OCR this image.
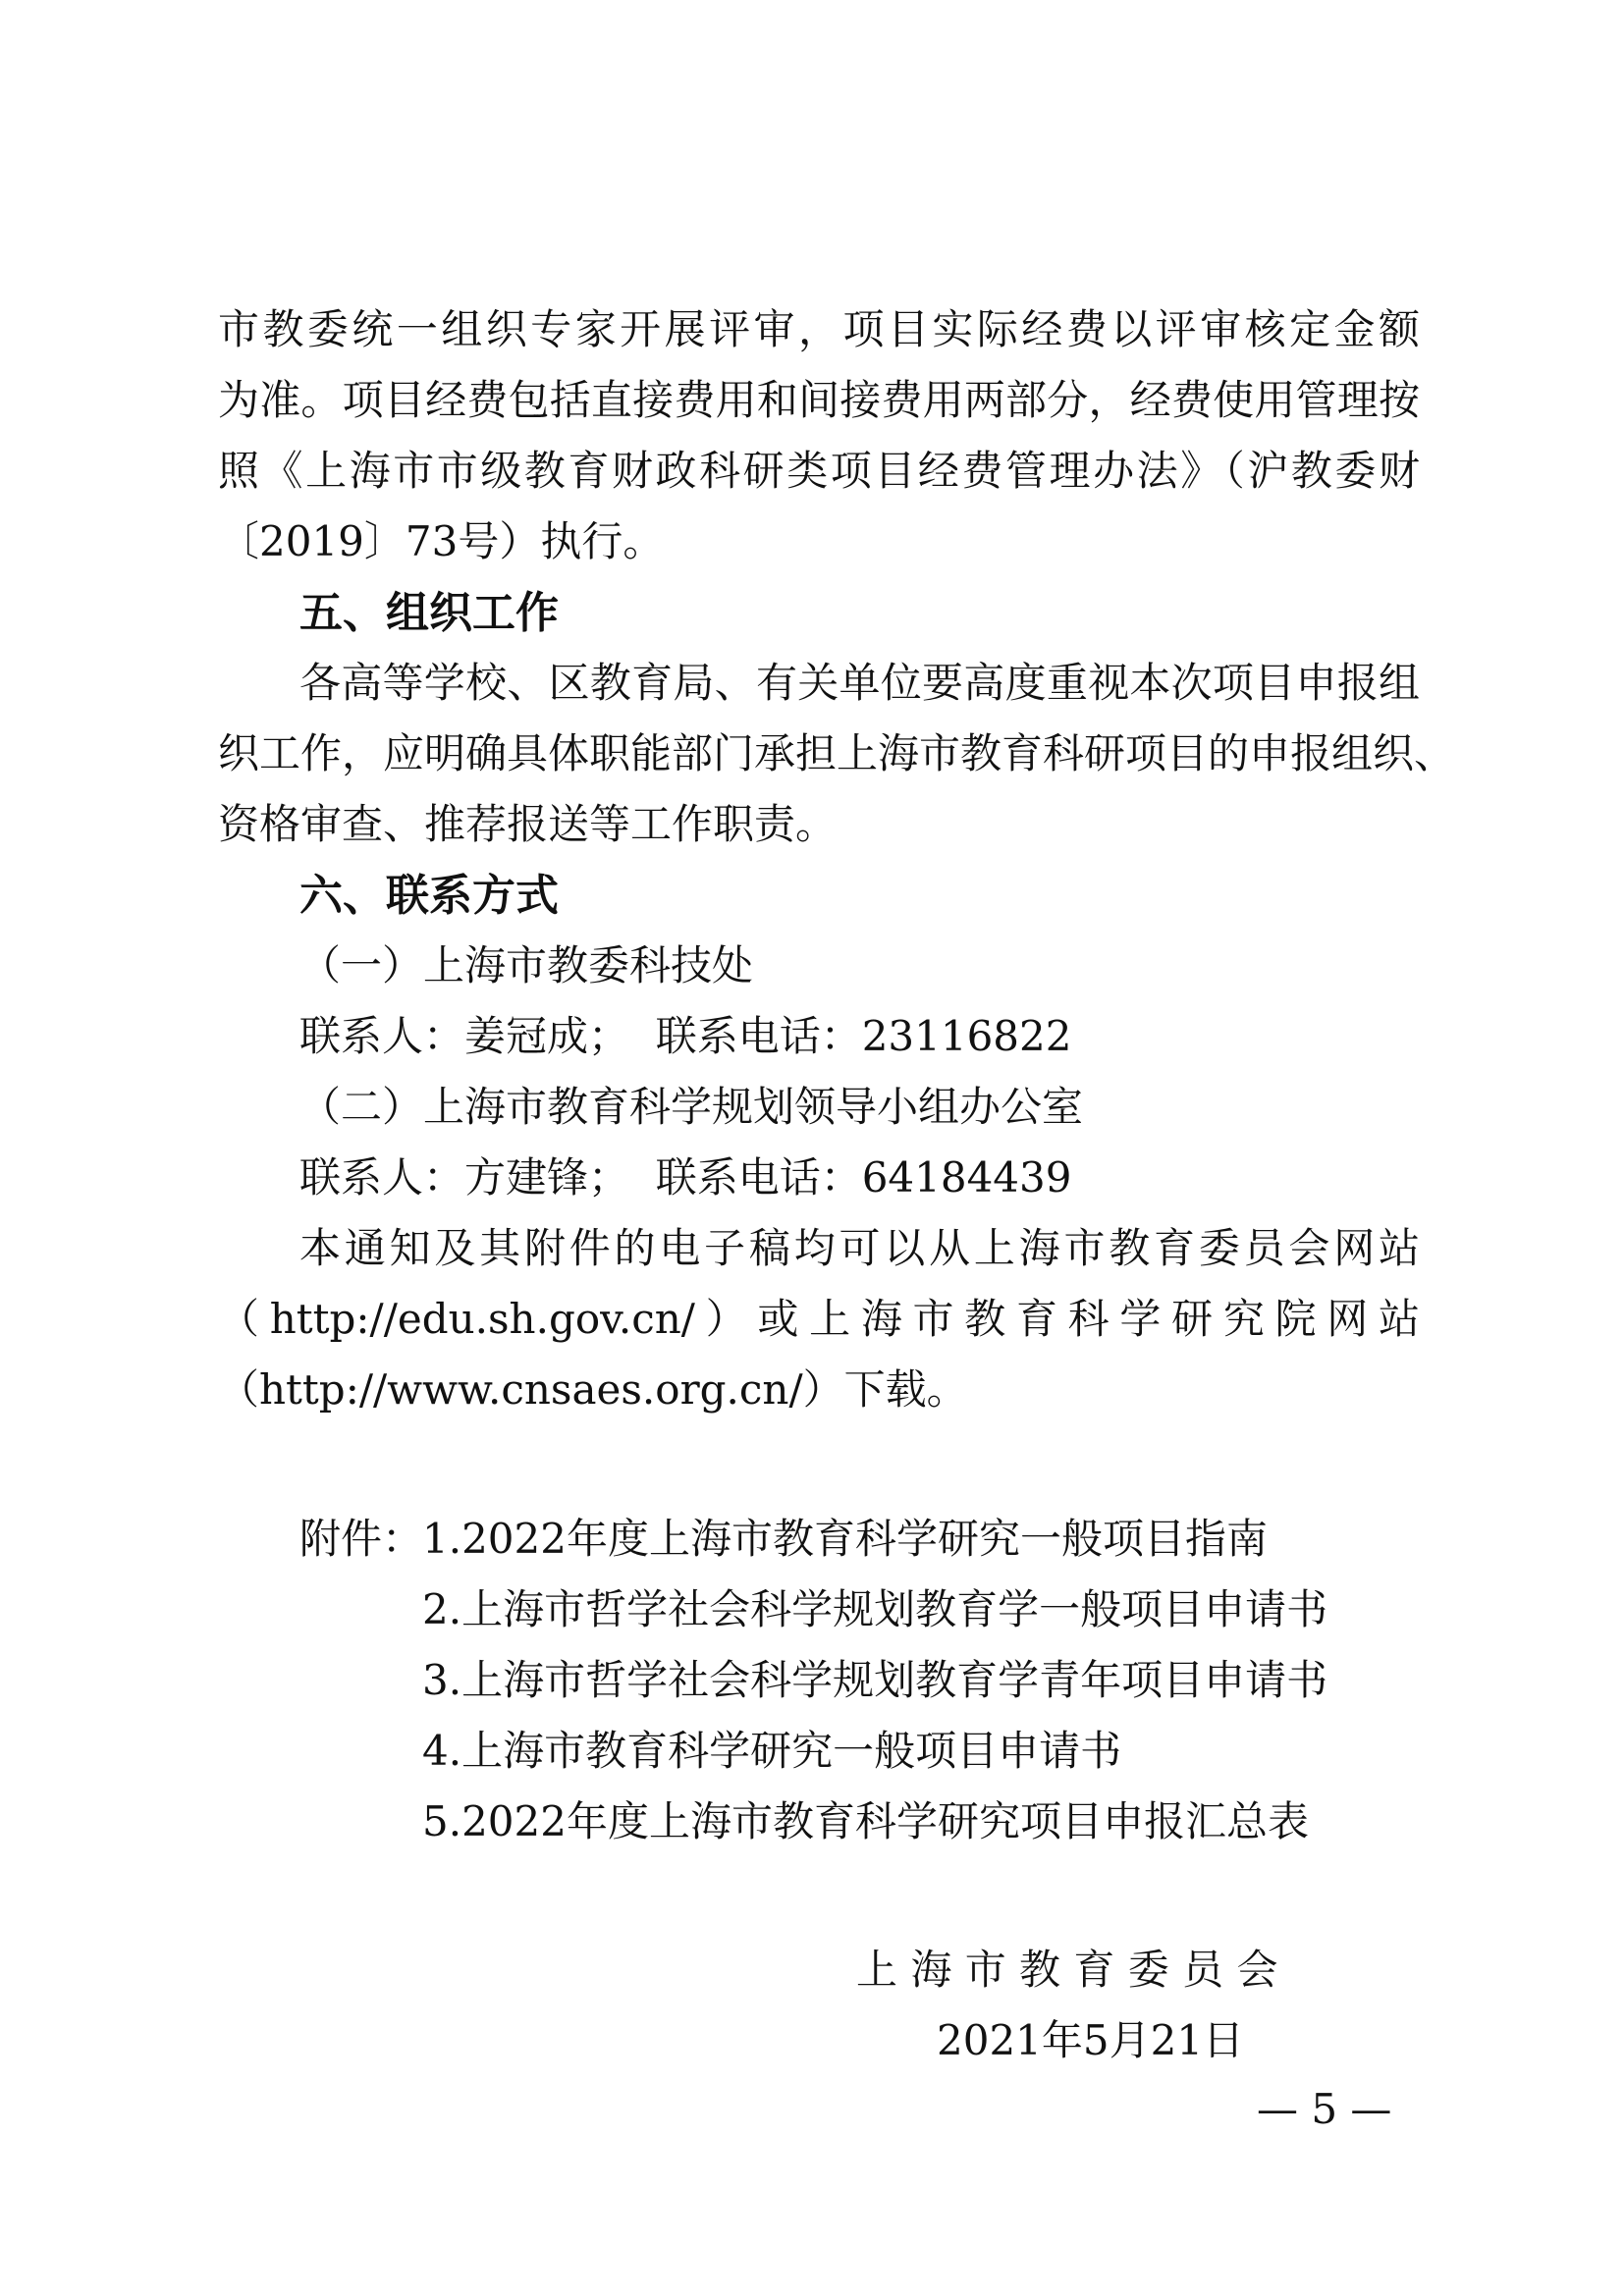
市教委统一组织专家开展评审，项目实际经费以评审核定金额

为准。项目经费包括直接费用和间接费用两部分，经费使用管理按

照《上海市市级教育财政科研类项目经费管理办法》（沪教委财

〔2019〕73号）执行。

五、组织工作

各高等学校、区教育局、有关单位要高度重视本次项目申报组

织工作，应明确具体职能部门承担上海市教育科研项目的申报组织、

资格审查、推荐报送等工作职责。

六、联系方式

（一）上海市教委科技处

联系人：姜冠成；  联系电话：23116822

（二）上海市教育科学规划领导小组办公室

联系人：方建锋；  联系电话：64184439

本通知及其附件的电子稿均可以从上海市教育委员会网站

（http://edu.sh.gov.cn/）或上海市教育科学研究院网站

（http://www.cnsaes.org.cn/）下载。

附件：

1.2022年度上海市教育科学研究一般项目指南

2.上海市哲学社会科学规划教育学一般项目申请书

3.上海市哲学社会科学规划教育学青年项目申请书

4.上海市教育科学研究一般项目申请书

5.2022年度上海市教育科学研究项目申报汇总表

上 海 市 教 育 委 员 会
2021年5月21日
— 5 —
